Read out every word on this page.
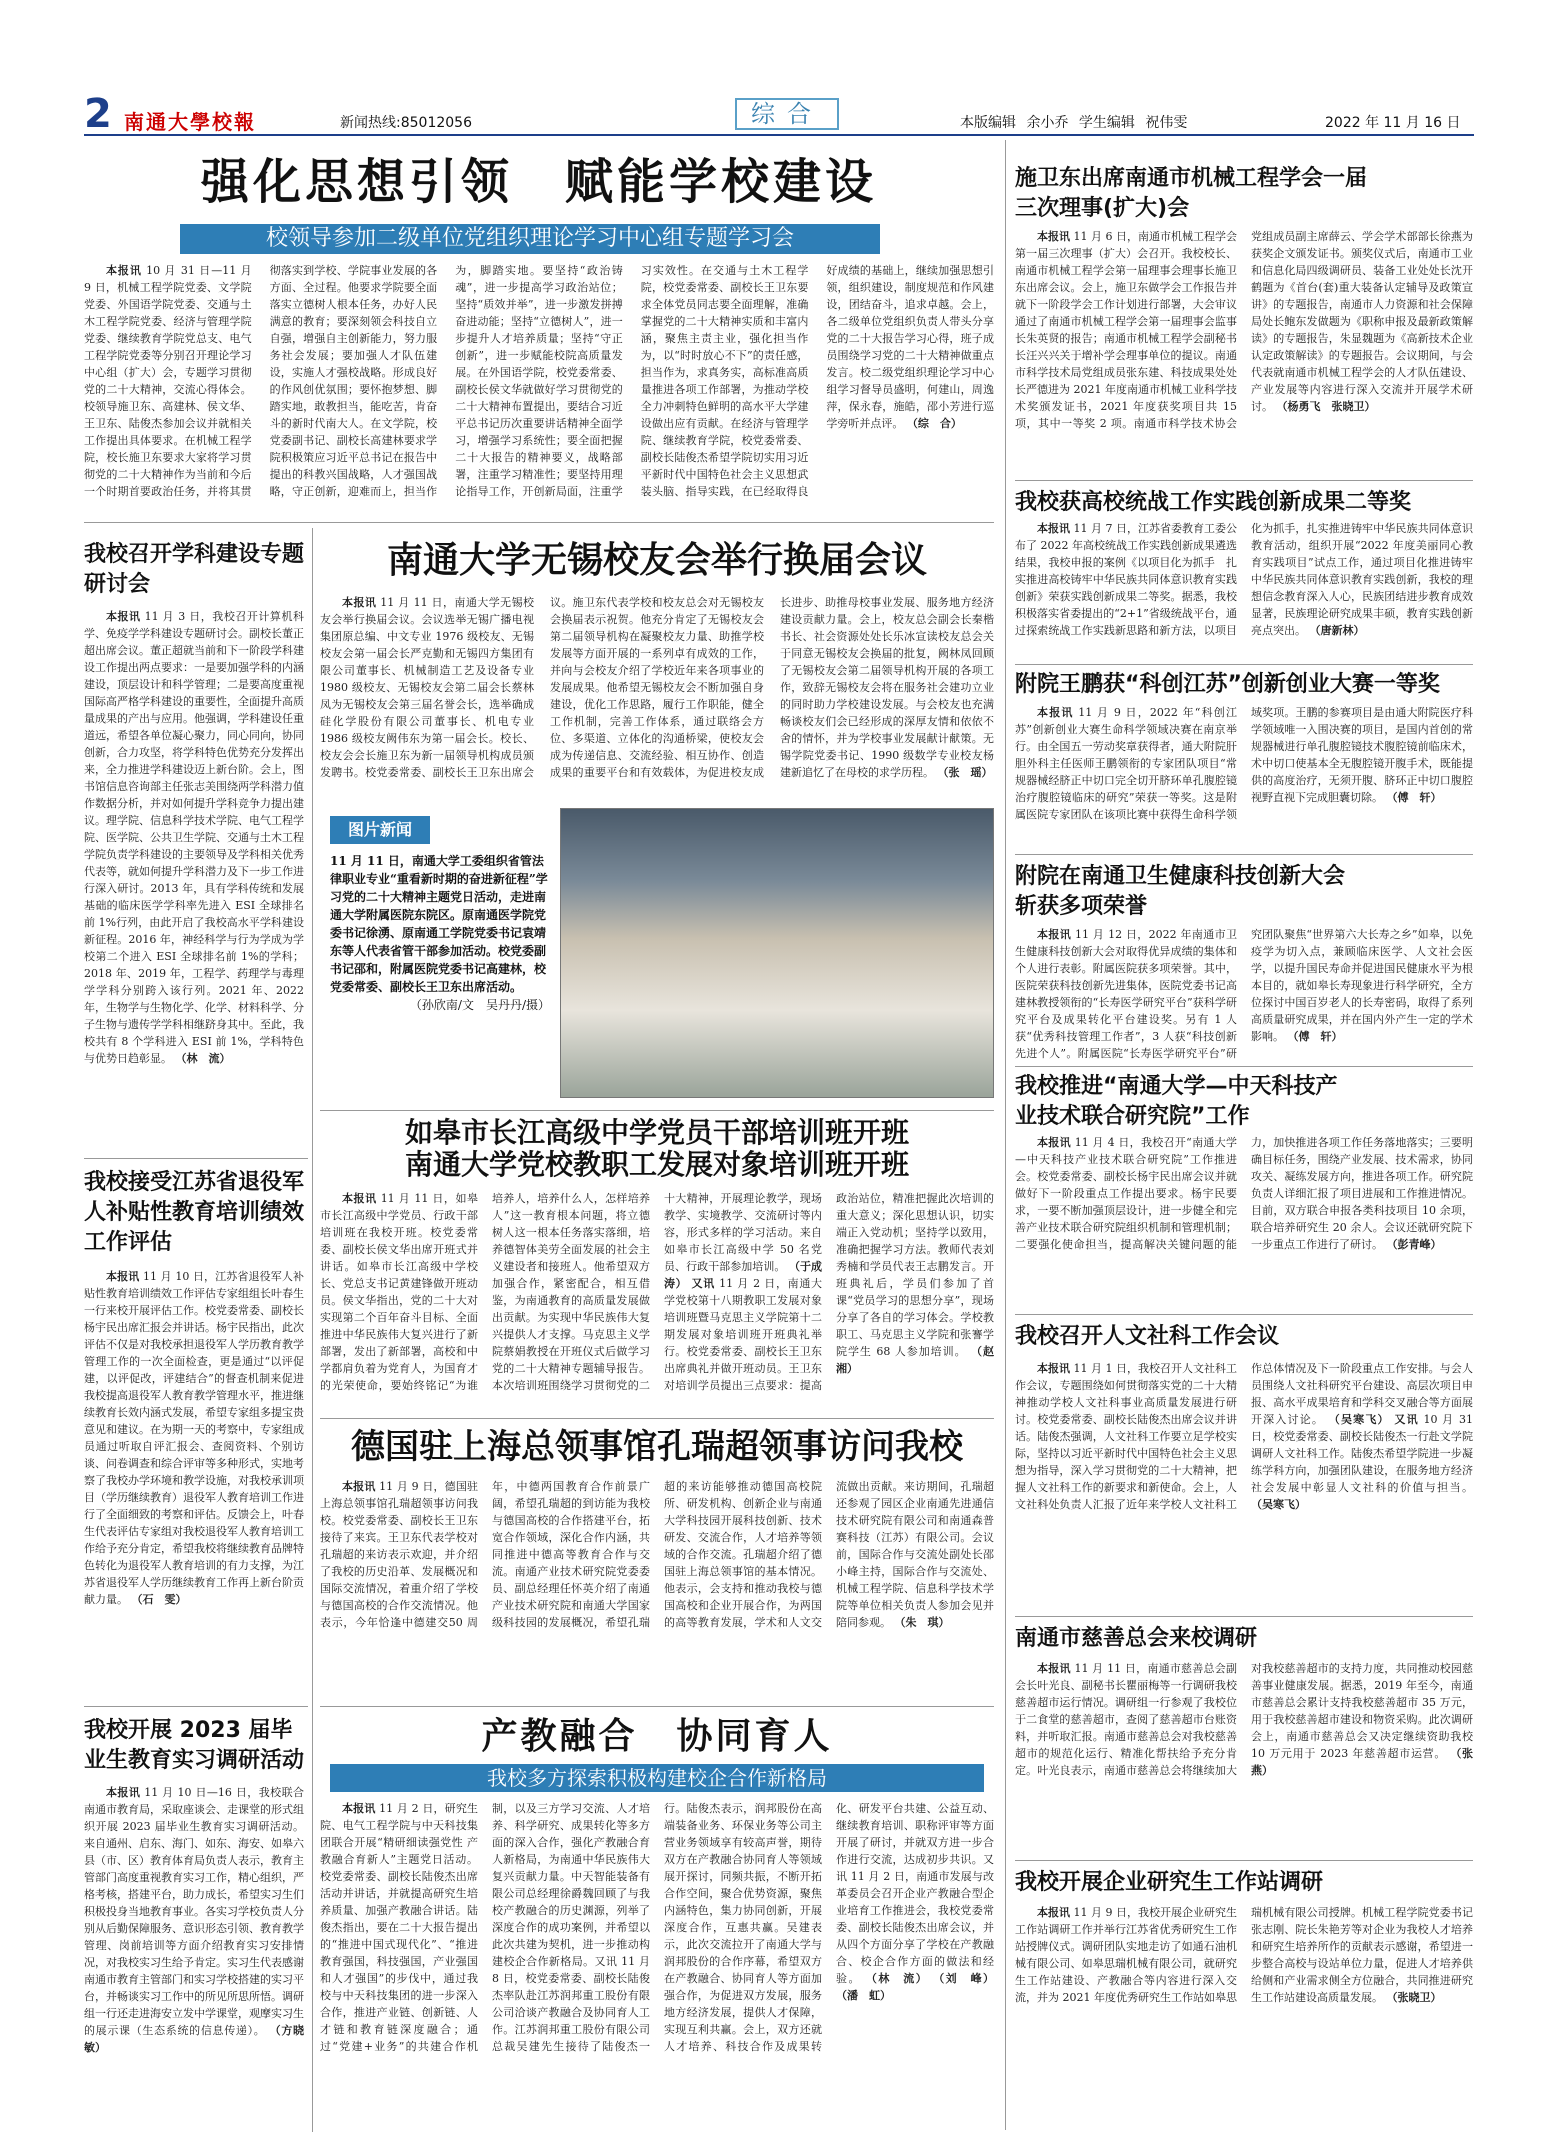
2 南通大學校報	新闻热线:85012056	综合	本版编辑 余小乔 学生编辑 祝伟雯	2022 年 11 月 16 日
强化思想引领　赋能学校建设
校领导参加二级单位党组织理论学习中心组专题学习会
本报讯 10 月 31 日—11 月 9 日，机械工程学院党委、文学院党委、外国语学院党委、交通与土木工程学院党委、经济与管理学院党委、继续教育学院党总支、电气工程学院党委等分别召开理论学习中心组（扩大）会，专题学习贯彻党的二十大精神，交流心得体会。校领导施卫东、高建林、侯文华、王卫东、陆俊杰参加会议并就相关工作提出具体要求。在机械工程学院，校长施卫东要求大家将学习贯彻党的二十大精神作为当前和今后一个时期首要政治任务，并将其贯彻落实到学校、学院事业发展的各方面、全过程。他要求学院要全面落实立德树人根本任务，办好人民满意的教育；要深刻领会科技自立自强，增强自主创新能力，努力服务社会发展；要加强人才队伍建设，实施人才强校战略。形成良好的作风创优氛围；要怀抱梦想、脚踏实地，敢教担当，能吃苦，肯奋斗的新时代南大人。在文学院，校党委副书记、副校长高建林要求学院积极策应习近平总书记在报告中提出的科教兴国战略，人才强国战略，守正创新，迎难而上，担当作为，脚踏实地。要坚持“政治铸魂”，进一步提高学习政治站位；坚持“质效并举”，进一步激发拼搏奋进动能；坚持“立德树人”，进一步提升人才培养质量；坚持“守正创新”，进一步赋能校院高质量发展。在外国语学院，校党委常委、副校长侯文华就做好学习贯彻党的二十大精神布置提出，要结合习近平总书记历次重要讲话精神全面学习，增强学习系统性；要全面把握二十大报告的精神要义，战略部署，注重学习精准性；要坚持用理论指导工作，开创新局面，注重学习实效性。在交通与土木工程学院，校党委常委、副校长王卫东要求全体党员同志要全面理解，准确掌握党的二十大精神实质和丰富内涵，聚焦主责主业，强化担当作为，以“时时放心不下”的责任感，担当作为，求真务实，高标准高质量推进各项工作部署，为推动学校全力冲刺特色鲜明的高水平大学建设做出应有贡献。在经济与管理学院、继续教育学院，校党委常委、副校长陆俊杰希望学院切实用习近平新时代中国特色社会主义思想武装头脑、指导实践，在已经取得良好成绩的基础上，继续加强思想引领，组织建设，制度规范和作风建设，团结奋斗，追求卓越。会上，各二级单位党组织负责人带头分享党的二十大报告学习心得，班子成员围绕学习党的二十大精神做重点发言。校二级党组织理论学习中心组学习督导员盛明，何建山，周逸萍，保永春，施皓，邵小芳进行巡学旁听并点评。 （综　合）
我校召开学科建设专题研讨会
本报讯 11 月 3 日，我校召开计算机科学、免疫学学科建设专题研讨会。副校长董正超出席会议。董正超就当前和下一阶段学科建设工作提出两点要求：一是要加强学科的内涵建设，顶层设计和科学管理；二是要高度重视国际高严格学科建设的重要性，全面提升高质量成果的产出与应用。他强调，学科建设任重道远，希望各单位凝心聚力，同心同向，协同创新，合力攻坚，将学科特色优势充分发挥出来，全力推进学科建设迈上新台阶。会上，图书馆信息咨询部主任张志美围绕两学科潜力值作数据分析，并对如何提升学科竞争力提出建议。理学院、信息科学技术学院、电气工程学院、医学院、公共卫生学院、交通与土木工程学院负责学科建设的主要领导及学科相关优秀代表等，就如何提升学科潜力及下一步工作进行深入研讨。2013 年，具有学科传统和发展基础的临床医学学科率先进入 ESI 全球排名前 1%行列，由此开启了我校高水平学科建设新征程。2016 年，神经科学与行为学成为学校第二个进入 ESI 全球排名前 1%的学科；2018 年、2019 年，工程学、药理学与毒理学学科分别跨入该行列。2021 年、2022 年，生物学与生物化学、化学、材料科学、分子生物与遗传学学科相继跻身其中。至此，我校共有 8 个学科进入 ESI 前 1%，学科特色与优势日趋彰显。 （林　流）
我校接受江苏省退役军人补贴性教育培训绩效工作评估
本报讯 11 月 10 日，江苏省退役军人补贴性教育培训绩效工作评估专家组组长叶春生一行来校开展评估工作。校党委常委、副校长杨宇民出席汇报会并讲话。杨宇民指出，此次评估不仅是对我校承担退役军人学历教育教学管理工作的一次全面检查，更是通过“以评促建，以评促改，评建结合”的督查机制来促进我校提高退役军人教育教学管理水平，推进继续教育长效内涵式发展，希望专家组多提宝贵意见和建议。在为期一天的考察中，专家组成员通过听取自评汇报会、查阅资料、个别访谈、问卷调查和综合评审等多种形式，实地考察了我校办学环境和教学设施，对我校承训项目（学历继续教育）退役军人教育培训工作进行了全面细致的考察和评估。反馈会上，叶春生代表评估专家组对我校退役军人教育培训工作给予充分肯定，希望我校将继续教育品牌特色转化为退役军人教育培训的有力支撑，为江苏省退役军人学历继续教育工作再上新台阶贡献力量。 （石　雯）
南通大学无锡校友会举行换届会议
本报讯 11 月 11 日，南通大学无锡校友会举行换届会议。会议选举无锡广播电视集团原总编、中文专业 1976 级校友、无锡校友会第一届会长严克勤和无锡四方集团有限公司董事长、机械制造工艺及设备专业 1980 级校友、无锡校友会第二届会长蔡林凤为无锡校友会第三届名誉会长，选举确成硅化学股份有限公司董事长、机电专业 1986 级校友阙伟东为第一届会长。校长、校友会会长施卫东为新一届领导机构成员颁发聘书。校党委常委、副校长王卫东出席会议。施卫东代表学校和校友总会对无锡校友会换届表示祝贺。他充分肯定了无锡校友会第二届领导机构在凝聚校友力量、助推学校发展等方面开展的一系列卓有成效的工作，并向与会校友介绍了学校近年来各项事业的发展成果。他希望无锡校友会不断加强自身建设，优化工作思路，履行工作职能，健全工作机制，完善工作体系，通过联络会方位、多渠道、立体化的沟通桥梁，使校友会成为传递信息、交流经验、相互协作、创造成果的重要平台和有效载体，为促进校友成长进步、助推母校事业发展、服务地方经济建设贡献力量。会上，校友总会副会长秦楷书长、社会资源处处长乐冰宣读校友总会关于同意无锡校友会换届的批复，阙林凤回顾了无锡校友会第二届领导机构开展的各项工作，致辞无锡校友会将在服务社会建功立业的同时助力学校建设发展。与会校友也充满畅谈校友们会已经形成的深厚友情和依依不舍的情怀，并为学校事业发展献计献策。无锡学院党委书记、1990 级数学专业校友杨建新追忆了在母校的求学历程。 （张　瑶）
图片新闻
11 月 11 日，南通大学工委组织省管法律职业专业“重看新时期的奋进新征程”学习党的二十大精神主题党日活动，走进南通大学附属医院东院区。原南通医学院党委书记徐湧、原南通工学院党委书记袁靖东等人代表省管干部参加活动。校党委副书记邵和，附属医院党委书记高建林，校党委常委、副校长王卫东出席活动。
（孙欣南/文　吴丹丹/摄）
如皋市长江高级中学党员干部培训班开班
南通大学党校教职工发展对象培训班开班
本报讯 11 月 11 日，如皋市长江高级中学党员、行政干部培训班在我校开班。校党委常委、副校长侯文华出席开班式并讲话。如皋市长江高级中学校长、党总支书记黄建锋做开班动员。侯文华指出，党的二十大对实现第二个百年奋斗目标、全面推进中华民族伟大复兴进行了新部署，发出了新部署，高校和中学都肩负着为党育人，为国育才的光荣使命，要始终铭记“为谁培养人，培养什么人，怎样培养人”这一教育根本问题，将立德树人这一根本任务落实落细，培养德智体美劳全面发展的社会主义建设者和接班人。他希望双方加强合作，紧密配合，相互借鉴，为南通教育的高质量发展做出贡献。为实现中华民族伟大复兴提供人才支撑。马克思主义学院蔡娟教授在开班仪式后做学习党的二十大精神专题辅导报告。本次培训班围绕学习贯彻党的二十大精神，开展理论教学，现场教学、实境教学、交流研讨等内容，形式多样的学习活动。来自如皋市长江高级中学 50 名党员、行政干部参加培训。 （于成涛） 又讯 11 月 2 日，南通大学党校第十八期教职工发展对象培训班暨马克思主义学院第十二期发展对象培训班开班典礼举行。校党委常委、副校长王卫东出席典礼并做开班动员。王卫东对培训学员提出三点要求：提高政治站位，精准把握此次培训的重大意义；深化思想认识，切实端正入党动机；坚持学以致用，准确把握学习方法。教师代表刘秀楠和学员代表王志鹏发言。开班典礼后，学员们参加了首课“党员学习的思想分享”，现场分享了各自的学习体会。学校教职工、马克思主义学院和张謇学院学生 68 人参加培训。 （赵　湘）
德国驻上海总领事馆孔瑞超领事访问我校
本报讯 11 月 9 日，德国驻上海总领事馆孔瑞超领事访问我校。校党委常委、副校长王卫东接待了来宾。王卫东代表学校对孔瑞超的来访表示欢迎，并介绍了我校的历史沿革、发展概况和国际交流情况，着重介绍了学校与德国高校的合作交流情况。他表示，今年恰逢中德建交50 周年，中德两国教育合作前景广阔，希望孔瑞超的到访能为我校与德国高校的合作搭建平台，拓宽合作领域，深化合作内涵，共同推进中德高等教育合作与交流。南通产业技术研究院党委委员、副总经理任怀英介绍了南通产业技术研究院和南通大学国家级科技园的发展概况，希望孔瑞超的来访能够推动德国高校院所、研发机构、创新企业与南通大学科技园开展科技创新、技术研发、交流合作，人才培养等领域的合作交流。孔瑞超介绍了德国驻上海总领事馆的基本情况。他表示，会支持和推动我校与德国高校和企业开展合作，为两国的高等教育发展，学术和人文交流做出贡献。来访期间，孔瑞超还参观了园区企业南通先进通信技术研究院有限公司和南通森普赛科技（江苏）有限公司。会议前，国际合作与交流处副处长邵小峰主持，国际合作与交流处、机械工程学院、信息科学技术学院等单位相关负责人参加会见并陪同参观。 （朱　琪）
我校开展 2023 届毕业生教育实习调研活动
本报讯 11 月 10 日—16 日，我校联合南通市教育局，采取座谈会、走课堂的形式组织开展 2023 届毕业生教育实习调研活动。来自通州、启东、海门、如东、海安、如皋六县（市、区）教育体育局负责人表示，教育主管部门高度重视教育实习工作，精心组织，严格考核，搭建平台，助力成长，希望实习生们积极投身当地教育事业。各实习学校负责人分别从后勤保障服务、意识形态引领、教育教学管理、岗前培训等方面介绍教育实习安排情况，对我校实习生给予肯定。实习生代表感谢南通市教育主管部门和实习学校搭建的实习平台，并畅谈实习工作中的所见所思所悟。调研组一行还走进海安立发中学课堂，观摩实习生的展示课（生态系统的信息传递）。 （方晓敏）
产教融合　协同育人
我校多方探索积极构建校企合作新格局
本报讯 11 月 2 日，研究生院、电气工程学院与中天科技集团联合开展“精研细读强党性 产教融合育新人”主题党日活动。校党委常委、副校长陆俊杰出席活动并讲话，并就提高研究生培养质量、加强产教融合讲话。陆俊杰指出，要在二十大报告提出的“推进中国式现代化”、“推进教育强国，科技强国，产业强国和人才强国”的步伐中，通过我校与中天科技集团的进一步深入合作，推进产业链、创新链、人才链和教育链深度融合；通过“党建+业务”的共建合作机制，以及三方学习交流、人才培养、科学研究、成果转化等多方面的深入合作，强化产教融合育人新格局，为南通中华民族伟大复兴贡献力量。中天智能装备有限公司总经理徐爵魏回顾了与我校产教融合的历史渊源，列举了深度合作的成功案例，并希望以此次共建为契机，进一步推动构建校企合作新格局。又讯 11 月 8 日，校党委常委、副校长陆俊杰率队赴江苏润邦重工股份有限公司洽谈产教融合及协同育人工作。江苏润邦重工股份有限公司总裁吴建先生接待了陆俊杰一行。陆俊杰表示，润邦股份在高端装备业务、环保业务等公司主营业务领域享有较高声誉，期待双方在产教融合协同育人等领域展开探讨，同频共振，不断开拓合作空间，聚合优势资源，聚焦内涵特色，集力协同创新，开展深度合作，互惠共赢。吴建表示，此次交流拉开了南通大学与润邦股份的合作序幕，希望双方在产教融合、协同育人等方面加强合作，为促进双方发展，服务地方经济发展，提供人才保障，实现互利共赢。会上，双方还就人才培养、科技合作及成果转化、研发平台共建、公益互动、继续教育培训、职称评审等方面开展了研讨，并就双方进一步合作进行交流，达成初步共识。又讯 11 月 2 日，南通市发展与改革委员会召开企业产教融合型企业培育工作推进会，我校党委常委、副校长陆俊杰出席会议，并从四个方面分享了学校在产教融合、校企合作方面的做法和经验。 （林　流） （刘　峰） （潘　虹）
施卫东出席南通市机械工程学会一届三次理事(扩大)会
本报讯 11 月 6 日，南通市机械工程学会第一届三次理事（扩大）会召开。我校校长、南通市机械工程学会第一届理事会理事长施卫东出席会议。会上，施卫东做学会工作报告并就下一阶段学会工作计划进行部署，大会审议通过了南通市机械工程学会第一届理事会监事长朱英贤的报告；南通市机械工程学会副秘书长汪兴兴关于增补学会理事单位的提议。南通市科学技术局党组成员张东建、科技成果处处长严德进为 2021 年度南通市机械工业科学技术奖颁发证书，2021 年度获奖项目共 15 项，其中一等奖 2 项。南通市科学技术协会党组成员副主席薛云、学会学术部部长徐燕为获奖企文颁发证书。颁奖仪式后，南通市工业和信息化局四级调研员、装备工业处处长沈开鹤题为《首台(套)重大装备认定辅导及政策宣讲》的专题报告，南通市人力资源和社会保障局处长鲍东发做题为《职称申报及最新政策解读》的专题报告，朱显魏题为《高新技术企业认定政策解读》的专题报告。会议期间，与会代表就南通市机械工程学会的人才队伍建设、产业发展等内容进行深入交流并开展学术研讨。 （杨勇飞　张晓卫）
我校获高校统战工作实践创新成果二等奖
本报讯 11 月 7 日，江苏省委教育工委公布了 2022 年高校统战工作实践创新成果遴选结果，我校申报的案例《以项目化为抓手　扎实推进高校铸牢中华民族共同体意识教育实践创新》荣获实践创新成果二等奖。据悉，我校积极落实省委提出的“2+1”省级统战平台，通过探索统战工作实践新思路和新方法，以项目化为抓手，扎实推进铸牢中华民族共同体意识教育活动，组织开展“2022 年度美丽同心教育实践项目”试点工作，通过项目化推进铸牢中华民族共同体意识教育实践创新，我校的理想信念教育深入人心，民族团结进步教育成效显著，民族理论研究成果丰硕，教育实践创新亮点突出。 （唐新林）
附院王鹏获“科创江苏”创新创业大赛一等奖
本报讯 11 月 9 日，2022 年“科创江苏”创新创业大赛生命科学领域决赛在南京举行。由全国五一劳动奖章获得者，通大附院肝胆外科主任医师王鹏领衔的专家团队项目“常规器械经脐正中切口完全切开脐环单孔腹腔镜治疗腹腔镜临床的研究”荣获一等奖。这是附属医院专家团队在该项比赛中获得生命科学领域奖项。王鹏的参赛项目是由通大附院医疗科学领域唯一入围决赛的项目，是国内首创的常规器械进行单孔腹腔镜技术腹腔镜前临床术，术中切口使基本全无腹腔镜开腹手术，既能提供的高度治疗，无须开腹、脐环正中切口腹腔视野直视下完成胆囊切除。 （傅　轩）
附院在南通卫生健康科技创新大会斩获多项荣誉
本报讯 11 月 12 日，2022 年南通市卫生健康科技创新大会对取得优异成绩的集体和个人进行表彰。附属医院获多项荣誉。其中，医院荣获科技创新先进集体，医院党委书记高建林教授领衔的“长寿医学研究平台”获科学研究平台及成果转化平台建设奖。另有 1 人获“优秀科技管理工作者”，3 人获“科技创新先进个人”。附属医院“长寿医学研究平台”研究团队聚焦“世界第六大长寿之乡”如皋，以免疫学为切入点，兼顾临床医学、人文社会医学，以提升国民寿命并促进国民健康水平为根本目的，就如皋长寿现象进行科学研究，全方位探讨中国百岁老人的长寿密码，取得了系列高质量研究成果，并在国内外产生一定的学术影响。 （傅　轩）
我校推进“南通大学—中天科技产业技术联合研究院”工作
本报讯 11 月 4 日，我校召开“南通大学—中天科技产业技术联合研究院”工作推进会。校党委常委、副校长杨宇民出席会议并就做好下一阶段重点工作提出要求。杨宇民要求，一要不断加强顶层设计，进一步健全和完善产业技术联合研究院组织机制和管理机制；二要强化使命担当，提高解决关键问题的能力，加快推进各项工作任务落地落实；三要明确目标任务，围绕产业发展、技术需求，协同攻关、凝练发展方向，推进各项工作。研究院负责人详细汇报了项目进展和工作推进情况。目前，双方联合申报各类科技项目 10 余项，联合培养研究生 20 余人。会议还就研究院下一步重点工作进行了研讨。 （彭青峰）
我校召开人文社科工作会议
本报讯 11 月 1 日，我校召开人文社科工作会议，专题围绕如何贯彻落实党的二十大精神推动学校人文社科事业高质量发展进行研讨。校党委常委、副校长陆俊杰出席会议并讲话。陆俊杰强调，人文社科工作要立足学校实际，坚持以习近平新时代中国特色社会主义思想为指导，深入学习贯彻党的二十大精神，把握人文社科工作的新要求和新使命。会上，人文社科处负责人汇报了近年来学校人文社科工作总体情况及下一阶段重点工作安排。与会人员围绕人文社科研究平台建设、高层次项目申报、高水平成果培育和学科交叉融合等方面展开深入讨论。 （吴寒飞） 又讯 10 月 31 日，校党委常委、副校长陆俊杰一行赴文学院调研人文社科工作。陆俊杰希望学院进一步凝练学科方向，加强团队建设，在服务地方经济社会发展中彰显人文社科的价值与担当。 （吴寒飞）
南通市慈善总会来校调研
本报讯 11 月 11 日，南通市慈善总会副会长叶光良、副秘书长瞿丽梅等一行调研我校慈善超市运行情况。调研组一行参观了我校位于二食堂的慈善超市，查阅了慈善超市台账资料，并听取汇报。南通市慈善总会对我校慈善超市的规范化运行、精准化帮扶给予充分肯定。叶光良表示，南通市慈善总会将继续加大对我校慈善超市的支持力度，共同推动校园慈善事业健康发展。据悉，2019 年至今，南通市慈善总会累计支持我校慈善超市 35 万元，用于我校慈善超市建设和物资采购。此次调研会上，南通市慈善总会又决定继续资助我校 10 万元用于 2023 年慈善超市运营。 （张　燕）
我校开展企业研究生工作站调研
本报讯 11 月 9 日，我校开展企业研究生工作站调研工作并举行江苏省优秀研究生工作站授牌仪式。调研团队实地走访了如通石油机械有限公司、如皋思瑞机械有限公司，就研究生工作站建设、产教融合等内容进行深入交流，并为 2021 年度优秀研究生工作站如皋思瑞机械有限公司授牌。机械工程学院党委书记张志刚、院长朱艳芳等对企业为我校人才培养和研究生培养所作的贡献表示感谢，希望进一步整合高校与设站单位力量，促进人才培养供给侧和产业需求侧全方位融合，共同推进研究生工作站建设高质量发展。 （张晓卫）
